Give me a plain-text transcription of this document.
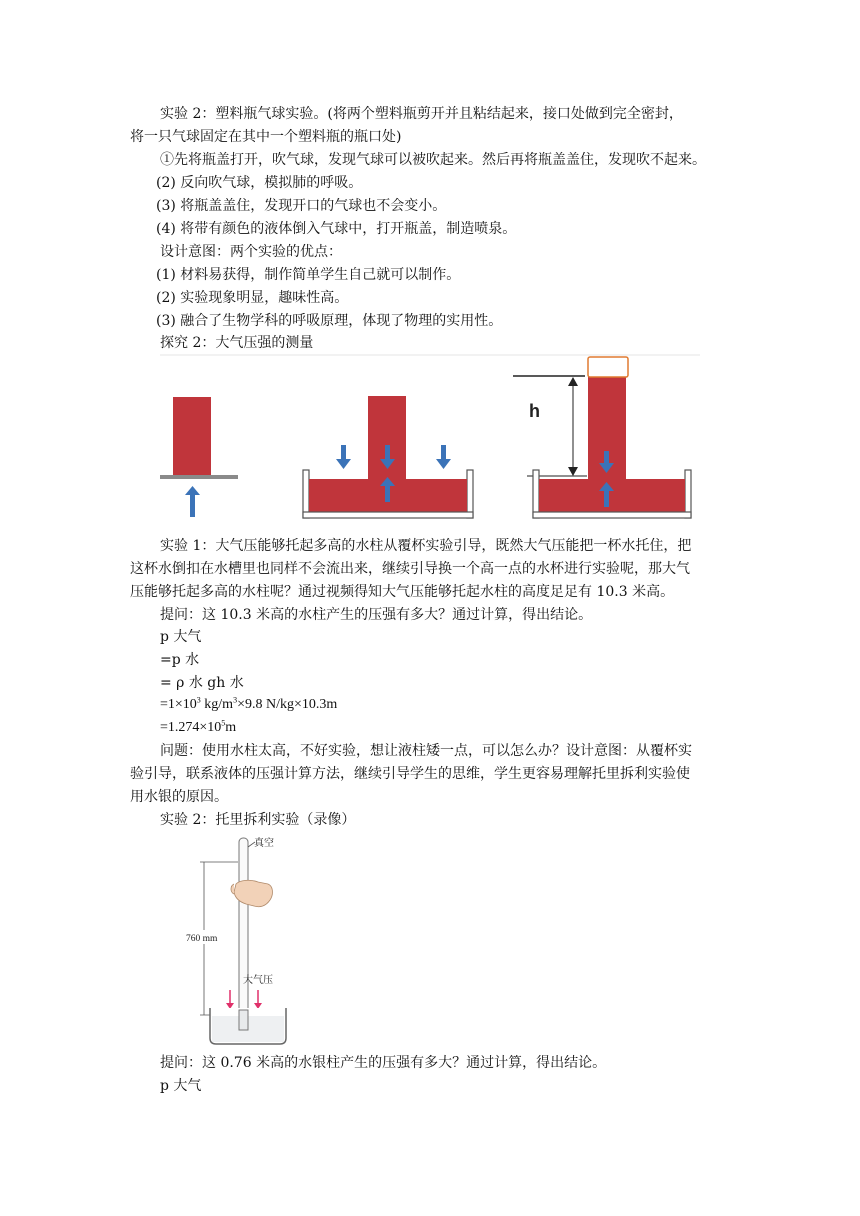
实验 2：塑料瓶气球实验。(将两个塑料瓶剪开并且粘结起来，接口处做到完全密封，
将一只气球固定在其中一个塑料瓶的瓶口处)
①先将瓶盖打开，吹气球，发现气球可以被吹起来。然后再将瓶盖盖住，发现吹不起来。
(2) 反向吹气球，模拟肺的呼吸。
(3) 将瓶盖盖住，发现开口的气球也不会变小。
(4) 将带有颜色的液体倒入气球中，打开瓶盖，制造喷泉。
设计意图：两个实验的优点：
(1) 材料易获得，制作简单学生自己就可以制作。
(2) 实验现象明显，趣味性高。
(3) 融合了生物学科的呼吸原理，体现了物理的实用性。
探究 2：大气压强的测量
h
实验 1：大气压能够托起多高的水柱从覆杯实验引导，既然大气压能把一杯水托住，把
这杯水倒扣在水槽里也同样不会流出来，继续引导换一个高一点的水杯进行实验呢，那大气
压能够托起多高的水柱呢？通过视频得知大气压能够托起水柱的高度足足有 10.3 米高。
提问：这 10.3 米高的水柱产生的压强有多大？通过计算，得出结论。
p 大气
=p 水
= ρ 水 gh 水
$=1\times 10^3$ $kg/m^3\times 9.8$ N/kg×10.3m
$=1.274\times 10^5m$
问题：使用水柱太高，不好实验，想让液柱矮一点，可以怎么办？设计意图：从覆杯实
验引导，联系液体的压强计算方法，继续引导学生的思维，学生更容易理解托里拆利实验使
用水银的原因。
实验 2：托里拆利实验（录像）
真空
760 mm
大气压
提问：这 0.76 米高的水银柱产生的压强有多大？通过计算，得出结论。
p 大气
